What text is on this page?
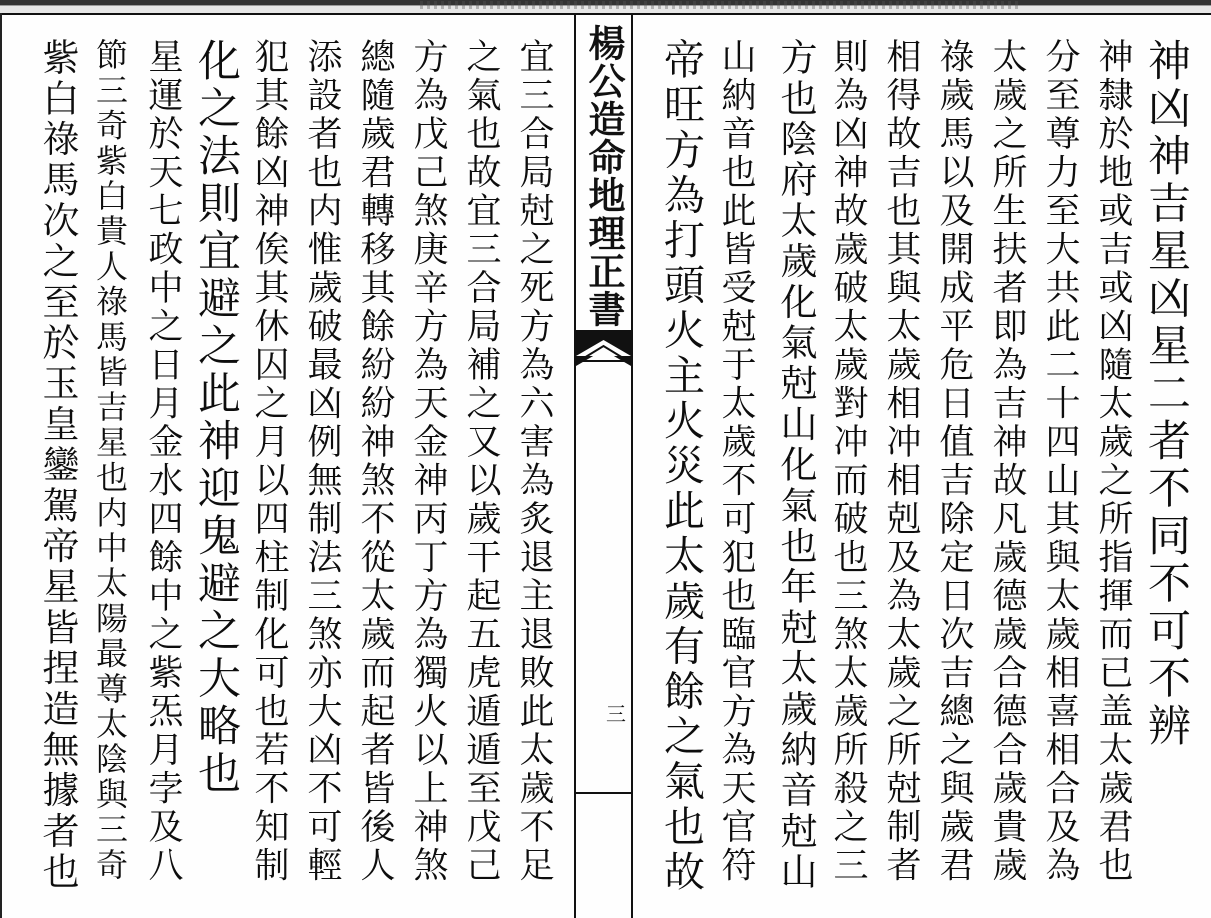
楊公造命地理正書
三	神凶神吉星凶星二者不同不可不辨
神隸於地或吉或凶隨太歲之所指揮而已盖太歲君也
分至尊力至大共此二十四山其與太歲相喜相合及為
太歲之所生扶者即為吉神故凡歲德歲合德合歲貴歲
祿歲馬以及開成平危日值吉除定日次吉總之與歲君
相得故吉也其與太歲相冲相剋及為太歲之所尅制者
則為凶神故歲破太歲對冲而破也三煞太歲所殺之三
方也陰府太歲化氣尅山化氣也年尅太歲納音尅山
山納音也此皆受尅于太歲不可犯也臨官方為天官符
帝旺方為打頭火主火災此太歲有餘之氣也故
宜三合局尅之死方為六害為炙退主退敗此太歲不足
之氣也故宜三合局補之又以歲干起五虎遁遁至戊己
方為戊己煞庚辛方為天金神丙丁方為獨火以上神煞
總隨歲君轉移其餘紛紛神煞不從太歲而起者皆後人
添設者也内惟歲破最凶例無制法三煞亦大凶不可輕
犯其餘凶神俟其休囚之月以四柱制化可也若不知制
化之法則宜避之此神迎鬼避之大略也
星運於天七政中之日月金水四餘中之紫炁月孛及八
節三奇紫白貴人祿馬皆吉星也内中太陽最尊太陰與三奇
紫白祿馬次之至於玉皇鑾駕帝星皆捏造無據者也
